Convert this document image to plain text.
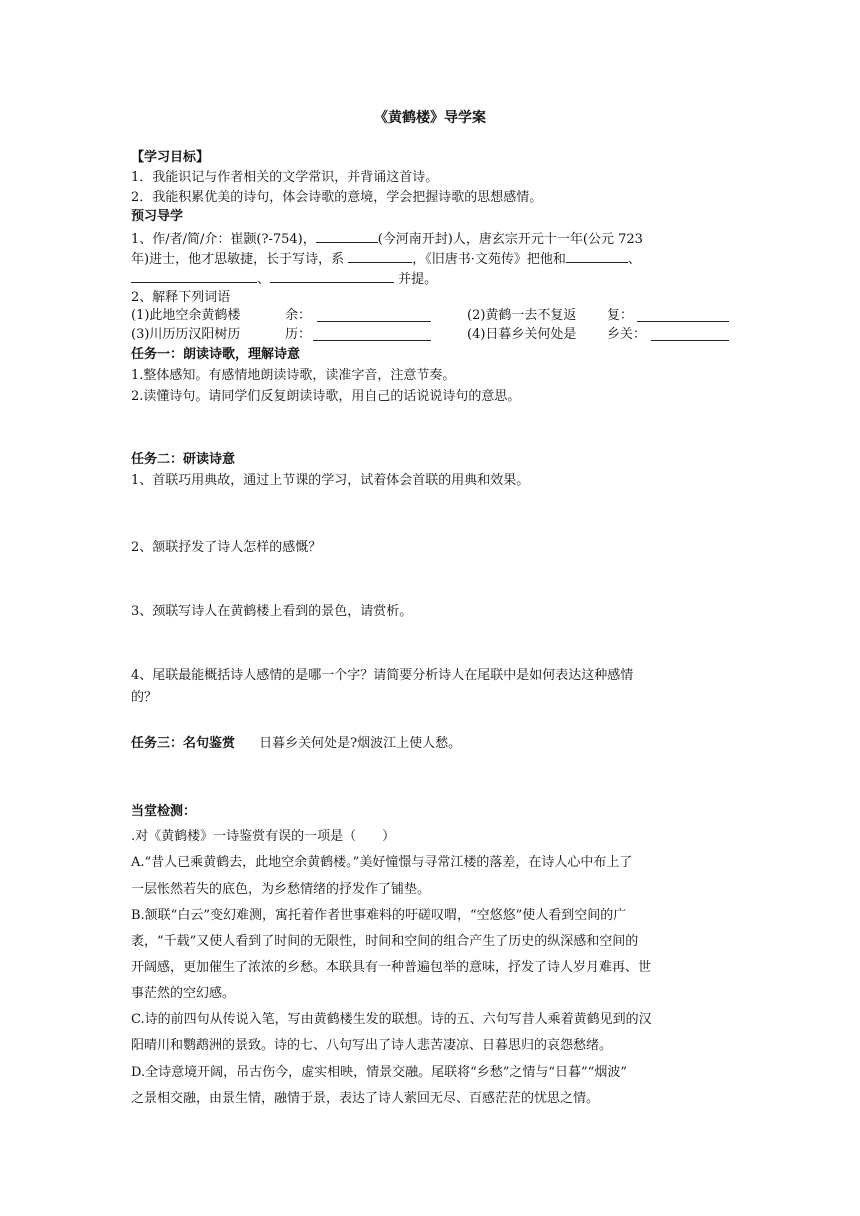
《黄鹤楼》导学案
【学习目标】
1．我能识记与作者相关的文学常识，并背诵这首诗。
2．我能积累优美的诗句，体会诗歌的意境，学会把握诗歌的思想感情。
预习导学
1、作/者/简/介：崔颢(?-754)，	(今河南开封)人，唐玄宗开元十一年(公元 723
年)进士，他才思敏捷，长于写诗，系	，《旧唐书·文苑传》把他和	、
、	并提。
2、解释下列词语
(1)此地空余黄鹤楼	余：	(2)黄鹤一去不复返 复：
(3)川历历汉阳树历	历：	(4)日暮乡关何处是 乡关：
任务一：朗读诗歌，理解诗意
1.整体感知。有感情地朗读诗歌，读准字音，注意节奏。
2.读懂诗句。请同学们反复朗读诗歌，用自己的话说说诗句的意思。
任务二：研读诗意
1、首联巧用典故，通过上节课的学习，试着体会首联的用典和效果。
2、颔联抒发了诗人怎样的感慨？
3、颈联写诗人在黄鹤楼上看到的景色，请赏析。
4、尾联最能概括诗人感情的是哪一个字？请简要分析诗人在尾联中是如何表达这种感情
的？
任务三：名句鉴赏 日暮乡关何处是?烟波江上使人愁。
当堂检测：
.对《黄鹤楼》一诗鉴赏有误的一项是（　　）
A.“昔人已乘黄鹤去，此地空余黄鹤楼。”美好憧憬与寻常江楼的落差，在诗人心中布上了
一层怅然若失的底色，为乡愁情绪的抒发作了铺垫。
B.颔联“白云”变幻难测，寓托着作者世事难料的吁磋叹喟，“空悠悠”使人看到空间的广
袤，“千载”又使人看到了时间的无限性，时间和空间的组合产生了历史的纵深感和空间的
开阔感，更加催生了浓浓的乡愁。本联具有一种普遍包举的意味，抒发了诗人岁月难再、世
事茫然的空幻感。
C.诗的前四句从传说入笔，写由黄鹤楼生发的联想。诗的五、六句写昔人乘着黄鹤见到的汉
阳晴川和鹦鹉洲的景致。诗的七、八句写出了诗人悲苦凄凉、日暮思归的哀怨愁绪。
D.全诗意境开阔，吊古伤今，虚实相映，情景交融。尾联将“乡愁”之情与“日暮”“烟波”
之景相交融，由景生情，融情于景，表达了诗人萦回无尽、百感茫茫的忧思之情。
